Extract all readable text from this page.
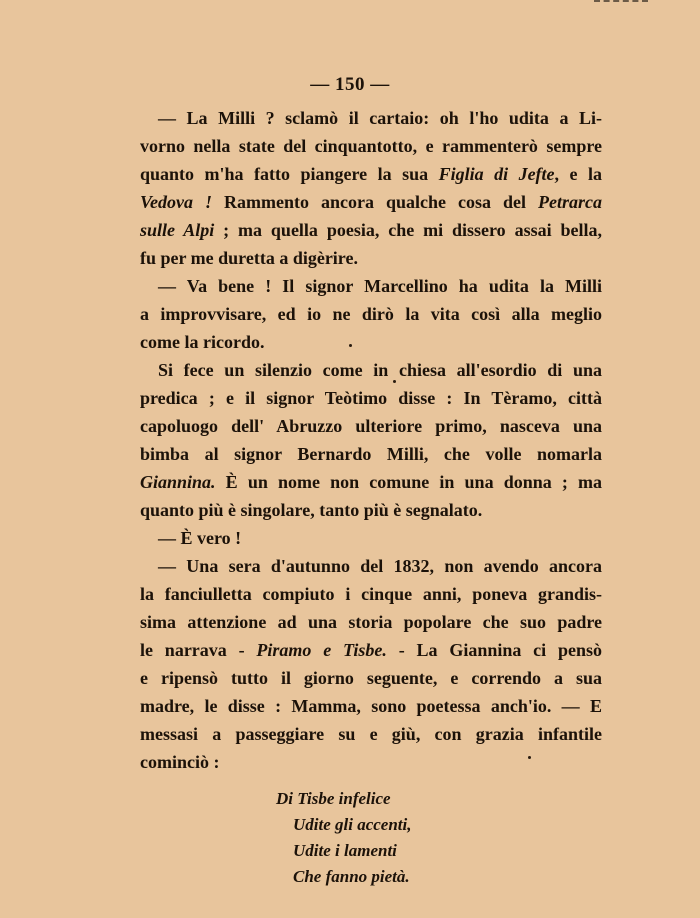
— 150 —
— La Milli ? sclamò il cartaio: oh l'ho udita a Li-
vorno nella state del cinquantotto, e rammenterò sempre
quanto m'ha fatto piangere la sua Figlia di Jefte, e la
Vedova ! Rammento ancora qualche cosa del Petrarca
sulle Alpi ; ma quella poesia, che mi dissero assai bella,
fu per me duretta a digèrire.
— Va bene ! Il signor Marcellino ha udita la Milli
a improvvisare, ed io ne dirò la vita così alla meglio
come la ricordo.
Si fece un silenzio come in chiesa all'esordio di una
predica ; e il signor Teòtimo disse : In Tèramo, città
capoluogo dell' Abruzzo ulteriore primo, nasceva una
bimba al signor Bernardo Milli, che volle nomarla
Giannina. È un nome non comune in una donna ; ma
quanto più è singolare, tanto più è segnalato.
— È vero !
— Una sera d'autunno del 1832, non avendo ancora
la fanciulletta compiuto i cinque anni, poneva grandis-
sima attenzione ad una storia popolare che suo padre
le narrava - Piramo e Tisbe. - La Giannina ci pensò
e ripensò tutto il giorno seguente, e correndo a sua
madre, le disse : Mamma, sono poetessa anch'io. — E
messasi a passeggiare su e giù, con grazia infantile
cominciò :
Di Tisbe infelice
Udite gli accenti,
Udite i lamenti
Che fanno pietà.
